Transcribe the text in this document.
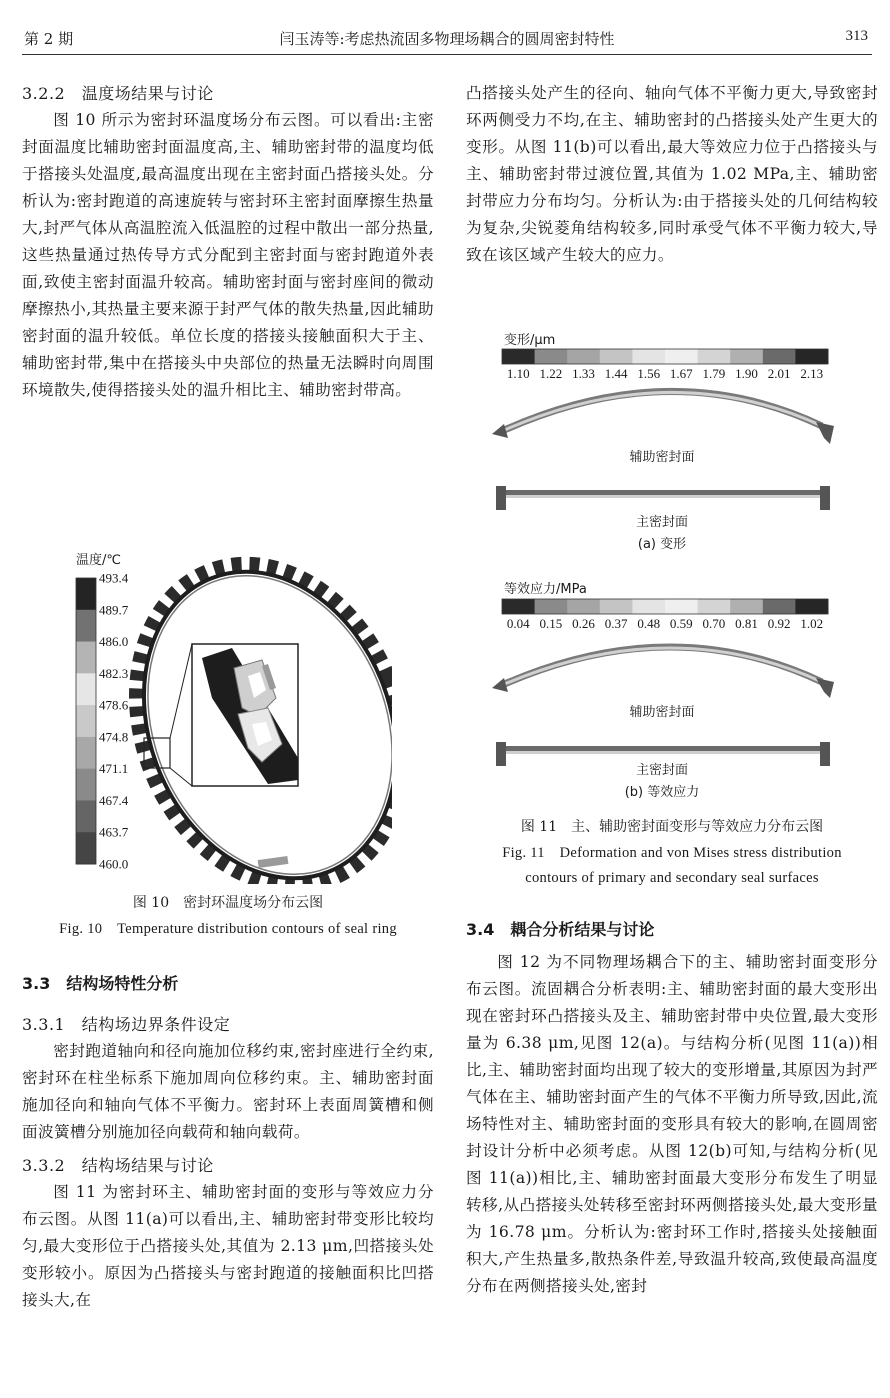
第 2 期	闫玉涛等:考虑热流固多物理场耦合的圆周密封特性	313
3.2.2　温度场结果与讨论
图 10 所示为密封环温度场分布云图。可以看出:主密封面温度比辅助密封面温度高,主、辅助密封带的温度均低于搭接头处温度,最高温度出现在主密封面凸搭接头处。分析认为:密封跑道的高速旋转与密封环主密封面摩擦生热量大,封严气体从高温腔流入低温腔的过程中散出一部分热量,这些热量通过热传导方式分配到主密封面与密封跑道外表面,致使主密封面温升较高。辅助密封面与密封座间的微动摩擦热小,其热量主要来源于封严气体的散失热量,因此辅助密封面的温升较低。单位长度的搭接头接触面积大于主、辅助密封带,集中在搭接头中央部位的热量无法瞬时向周围环境散失,使得搭接头处的温升相比主、辅助密封带高。
温度/℃
493.4
489.7
486.0
482.3
478.6
474.8
471.1
467.4
463.7
460.0
图 10　密封环温度场分布云图
Fig. 10　Temperature distribution contours of seal ring
3.3　结构场特性分析
3.3.1　结构场边界条件设定
密封跑道轴向和径向施加位移约束,密封座进行全约束,密封环在柱坐标系下施加周向位移约束。主、辅助密封面施加径向和轴向气体不平衡力。密封环上表面周簧槽和侧面波簧槽分别施加径向载荷和轴向载荷。
3.3.2　结构场结果与讨论
图 11 为密封环主、辅助密封面的变形与等效应力分布云图。从图 11(a)可以看出,主、辅助密封带变形比较均匀,最大变形位于凸搭接头处,其值为 2.13 μm,凹搭接头处变形较小。原因为凸搭接头与密封跑道的接触面积比凹搭接头大,在
凸搭接头处产生的径向、轴向气体不平衡力更大,导致密封环两侧受力不均,在主、辅助密封的凸搭接头处产生更大的变形。从图 11(b)可以看出,最大等效应力位于凸搭接头与主、辅助密封带过渡位置,其值为 1.02 MPa,主、辅助密封带应力分布均匀。分析认为:由于搭接头处的几何结构较为复杂,尖锐菱角结构较多,同时承受气体不平衡力较大,导致在该区域产生较大的应力。
变形/μm
1.10 1.22 1.33 1.44 1.56 1.67 1.79 1.90 2.01 2.13
辅助密封面
主密封面
(a) 变形
等效应力/MPa
0.04 0.15 0.26 0.37 0.48 0.59 0.70 0.81 0.92 1.02
辅助密封面
主密封面
(b) 等效应力
图 11　主、辅助密封面变形与等效应力分布云图
Fig. 11　Deformation and von Mises stress distribution
contours of primary and secondary seal surfaces
3.4　耦合分析结果与讨论
图 12 为不同物理场耦合下的主、辅助密封面变形分布云图。流固耦合分析表明:主、辅助密封面的最大变形出现在密封环凸搭接头及主、辅助密封带中央位置,最大变形量为 6.38 μm,见图 12(a)。与结构分析(见图 11(a))相比,主、辅助密封面均出现了较大的变形增量,其原因为封严气体在主、辅助密封面产生的气体不平衡力所导致,因此,流场特性对主、辅助密封面的变形具有较大的影响,在圆周密封设计分析中必须考虑。从图 12(b)可知,与结构分析(见图 11(a))相比,主、辅助密封面最大变形分布发生了明显转移,从凸搭接头处转移至密封环两侧搭接头处,最大变形量为 16.78 μm。分析认为:密封环工作时,搭接头处接触面积大,产生热量多,散热条件差,导致温升较高,致使最高温度分布在两侧搭接头处,密封
